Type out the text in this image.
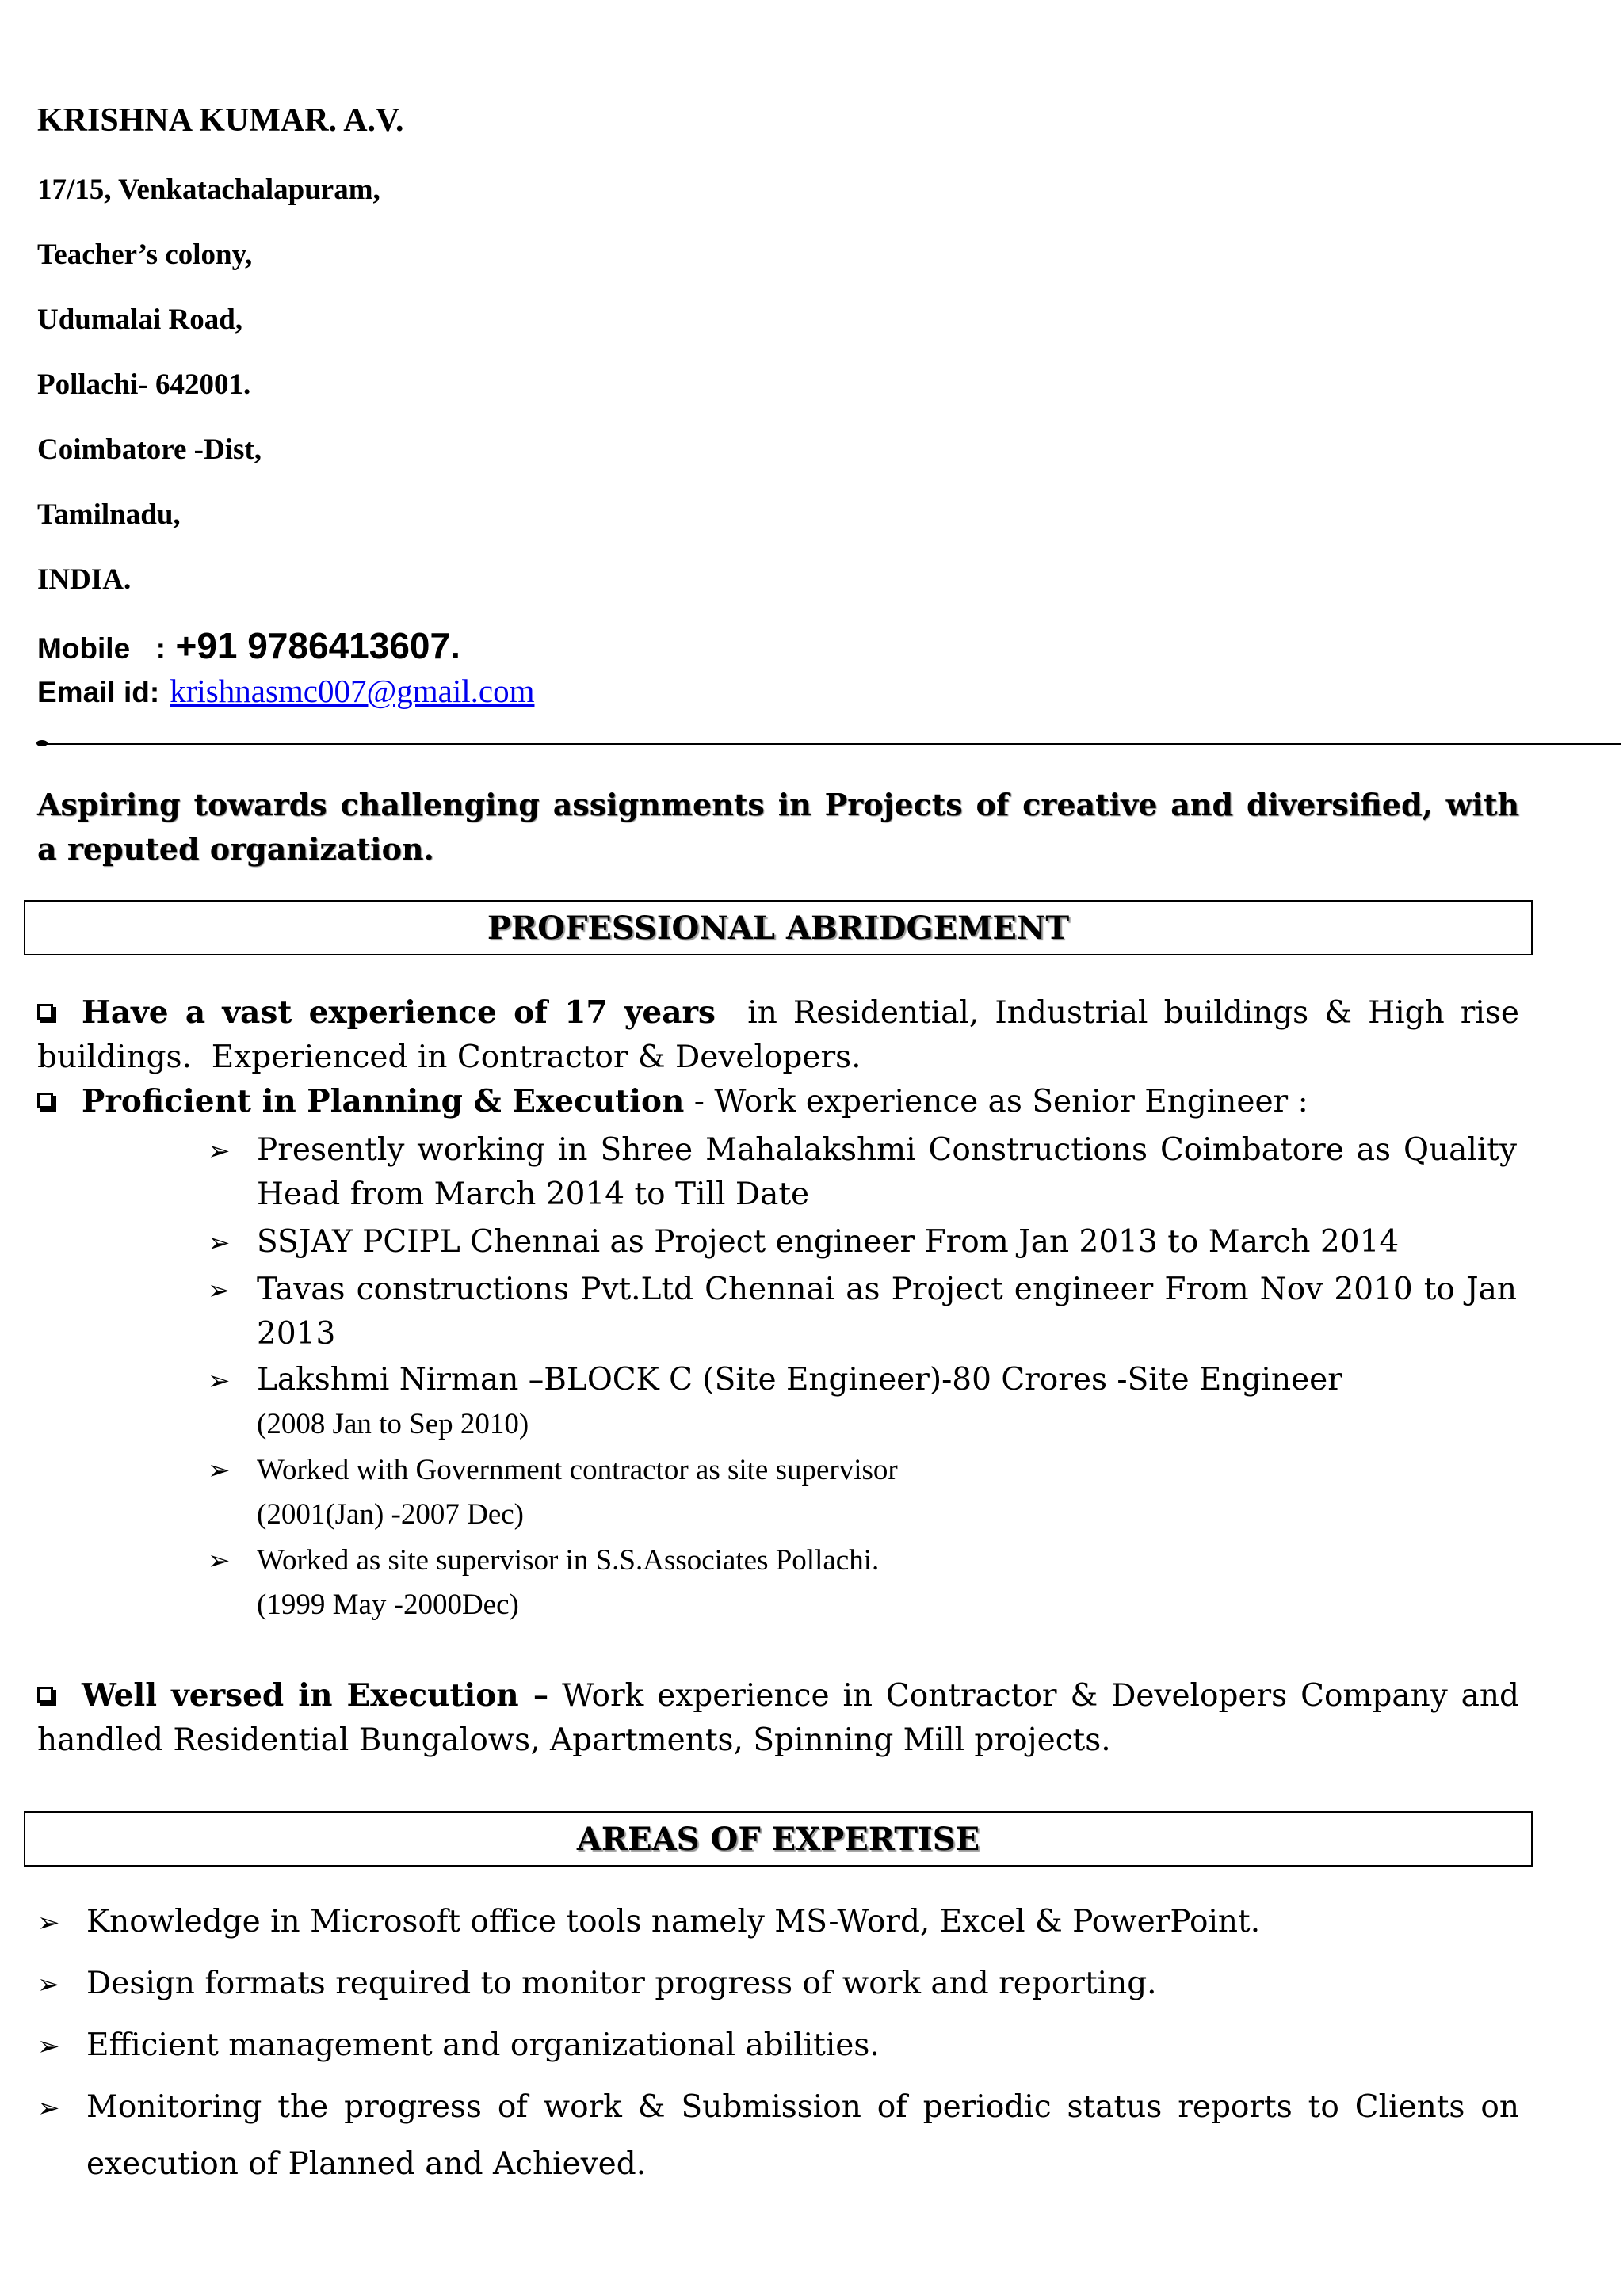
KRISHNA KUMAR. A.V.
17/15, Venkatachalapuram,
Teacher’s colony,
Udumalai Road,
Pollachi- 642001.
Coimbatore -Dist,
Tamilnadu,
INDIA.
Mobile : +91 9786413607.
Email id: krishnasmc007@gmail.com
Aspiring towards challenging assignments in Projects of creative and diversified, with a reputed organization.
PROFESSIONAL ABRIDGEMENT
Have a vast experience of 17 years  in Residential, Industrial buildings & High rise buildings.  Experienced in Contractor & Developers.
Proficient in Planning & Execution - Work experience as Senior Engineer :
➢ Presently working in Shree Mahalakshmi Constructions Coimbatore as Quality Head from March 2014 to Till Date
➢ SSJAY PCIPL Chennai as Project engineer From Jan 2013 to March 2014
➢ Tavas constructions Pvt.Ltd Chennai as Project engineer From Nov 2010 to Jan 2013
➢ Lakshmi Nirman –BLOCK C (Site Engineer)-80 Crores -Site Engineer
(2008 Jan to Sep 2010)
➢ Worked with Government contractor as site supervisor
(2001(Jan) -2007 Dec)
➢ Worked as site supervisor in S.S.Associates Pollachi.
(1999 May -2000Dec)
Well versed in Execution – Work experience in Contractor & Developers Company and handled Residential Bungalows, Apartments, Spinning Mill projects.
AREAS OF EXPERTISE
➢ Knowledge in Microsoft office tools namely MS-Word, Excel & PowerPoint.
➢ Design formats required to monitor progress of work and reporting.
➢ Efficient management and organizational abilities.
➢ Monitoring the progress of work & Submission of periodic status reports to Clients on execution of Planned and Achieved.
